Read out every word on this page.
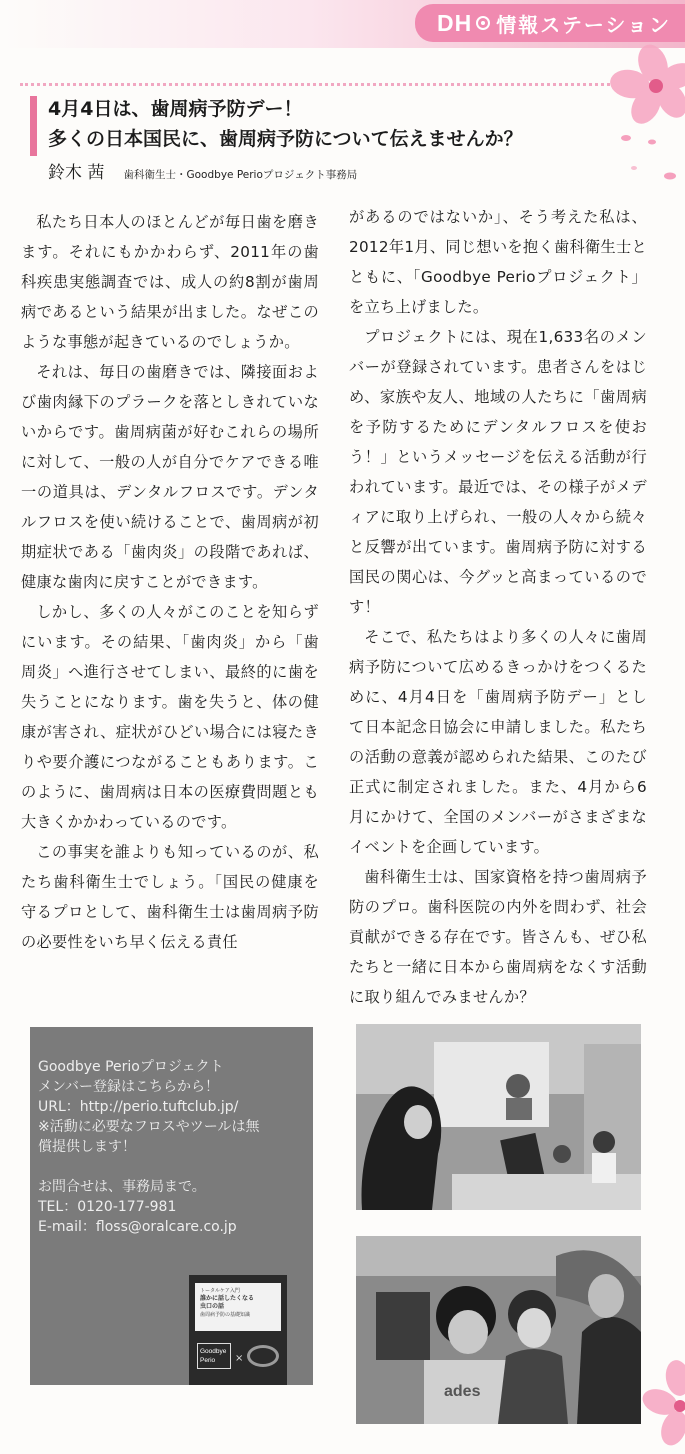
DH 情報ステーション
4月4日は、歯周病予防デー！
多くの日本国民に、歯周病予防について伝えませんか？
鈴木 茜 歯科衛生士・Goodbye Perioプロジェクト事務局

私たち日本人のほとんどが毎日歯を磨きます。それにもかかわらず、2011年の歯科疾患実態調査では、成人の約8割が歯周病であるという結果が出ました。なぜこのような事態が起きているのでしょうか。

それは、毎日の歯磨きでは、隣接面および歯肉縁下のプラークを落としきれていないからです。歯周病菌が好むこれらの場所に対して、一般の人が自分でケアできる唯一の道具は、デンタルフロスです。デンタルフロスを使い続けることで、歯周病が初期症状である「歯肉炎」の段階であれば、健康な歯肉に戻すことができます。

しかし、多くの人々がこのことを知らずにいます。その結果、「歯肉炎」から「歯周炎」へ進行させてしまい、最終的に歯を失うことになります。歯を失うと、体の健康が害され、症状がひどい場合には寝たきりや要介護につながることもあります。このように、歯周病は日本の医療費問題とも大きくかかわっているのです。

この事実を誰よりも知っているのが、私たち歯科衛生士でしょう。「国民の健康を守るプロとして、歯科衛生士は歯周病予防の必要性をいち早く伝える責任

があるのではないか」、そう考えた私は、2012年1月、同じ想いを抱く歯科衛生士とともに、「Goodbye Perioプロジェクト」を立ち上げました。

プロジェクトには、現在1,633名のメンバーが登録されています。患者さんをはじめ、家族や友人、地域の人たちに「歯周病を予防するためにデンタルフロスを使おう！」というメッセージを伝える活動が行われています。最近では、その様子がメディアに取り上げられ、一般の人々から続々と反響が出ています。歯周病予防に対する国民の関心は、今グッと高まっているのです！

そこで、私たちはより多くの人々に歯周病予防について広めるきっかけをつくるために、4月4日を「歯周病予防デー」として日本記念日協会に申請しました。私たちの活動の意義が認められた結果、このたび正式に制定されました。また、4月から6月にかけて、全国のメンバーがさまざまなイベントを企画しています。

歯科衛生士は、国家資格を持つ歯周病予防のプロ。歯科医院の内外を問わず、社会貢献ができる存在です。皆さんも、ぜひ私たちと一緒に日本から歯周病をなくす活動に取り組んでみませんか？

Goodbye Perioプロジェクト
メンバー登録はこちらから！
URL：http://perio.tuftclub.jp/
※活動に必要なフロスやツールは無
償提供します！
お問合せは、事務局まで。
TEL：0120-177-981
E-mail：floss@oralcare.co.jp
トータルケア入門
誰かに話したくなる
虫口の話
歯周病予防の基礎知識
Goodbye
Perio	×
ades
